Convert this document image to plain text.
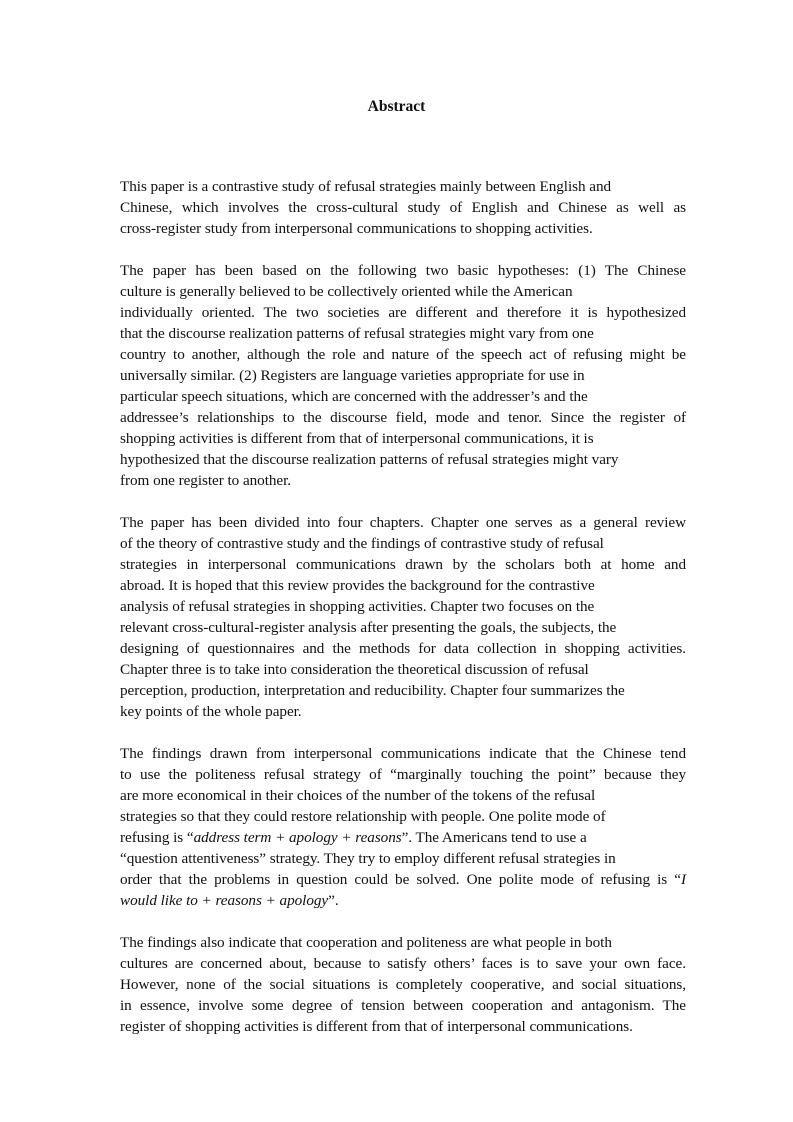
Abstract

This paper is a contrastive study of refusal strategies mainly between English and
Chinese, which involves the cross-cultural study of English and Chinese as well as
cross-register study from interpersonal communications to shopping activities.

The paper has been based on the following two basic hypotheses: (1) The Chinese
culture is generally believed to be collectively oriented while the American
individually oriented. The two societies are different and therefore it is hypothesized
that the discourse realization patterns of refusal strategies might vary from one
country to another, although the role and nature of the speech act of refusing might be
universally similar. (2) Registers are language varieties appropriate for use in
particular speech situations, which are concerned with the addresser’s and the
addressee’s relationships to the discourse field, mode and tenor. Since the register of
shopping activities is different from that of interpersonal communications, it is
hypothesized that the discourse realization patterns of refusal strategies might vary
from one register to another.

The paper has been divided into four chapters. Chapter one serves as a general review
of the theory of contrastive study and the findings of contrastive study of refusal
strategies in interpersonal communications drawn by the scholars both at home and
abroad. It is hoped that this review provides the background for the contrastive
analysis of refusal strategies in shopping activities. Chapter two focuses on the
relevant cross-cultural-register analysis after presenting the goals, the subjects, the
designing of questionnaires and the methods for data collection in shopping activities.
Chapter three is to take into consideration the theoretical discussion of refusal
perception, production, interpretation and reducibility. Chapter four summarizes the
key points of the whole paper.

The findings drawn from interpersonal communications indicate that the Chinese tend
to use the politeness refusal strategy of “marginally touching the point” because they
are more economical in their choices of the number of the tokens of the refusal
strategies so that they could restore relationship with people. One polite mode of
refusing is “address term + apology + reasons”. The Americans tend to use a
“question attentiveness” strategy. They try to employ different refusal strategies in
order that the problems in question could be solved. One polite mode of refusing is “I
would like to + reasons + apology”.

The findings also indicate that cooperation and politeness are what people in both
cultures are concerned about, because to satisfy others’ faces is to save your own face.
However, none of the social situations is completely cooperative, and social situations,
in essence, involve some degree of tension between cooperation and antagonism. The
register of shopping activities is different from that of interpersonal communications.
